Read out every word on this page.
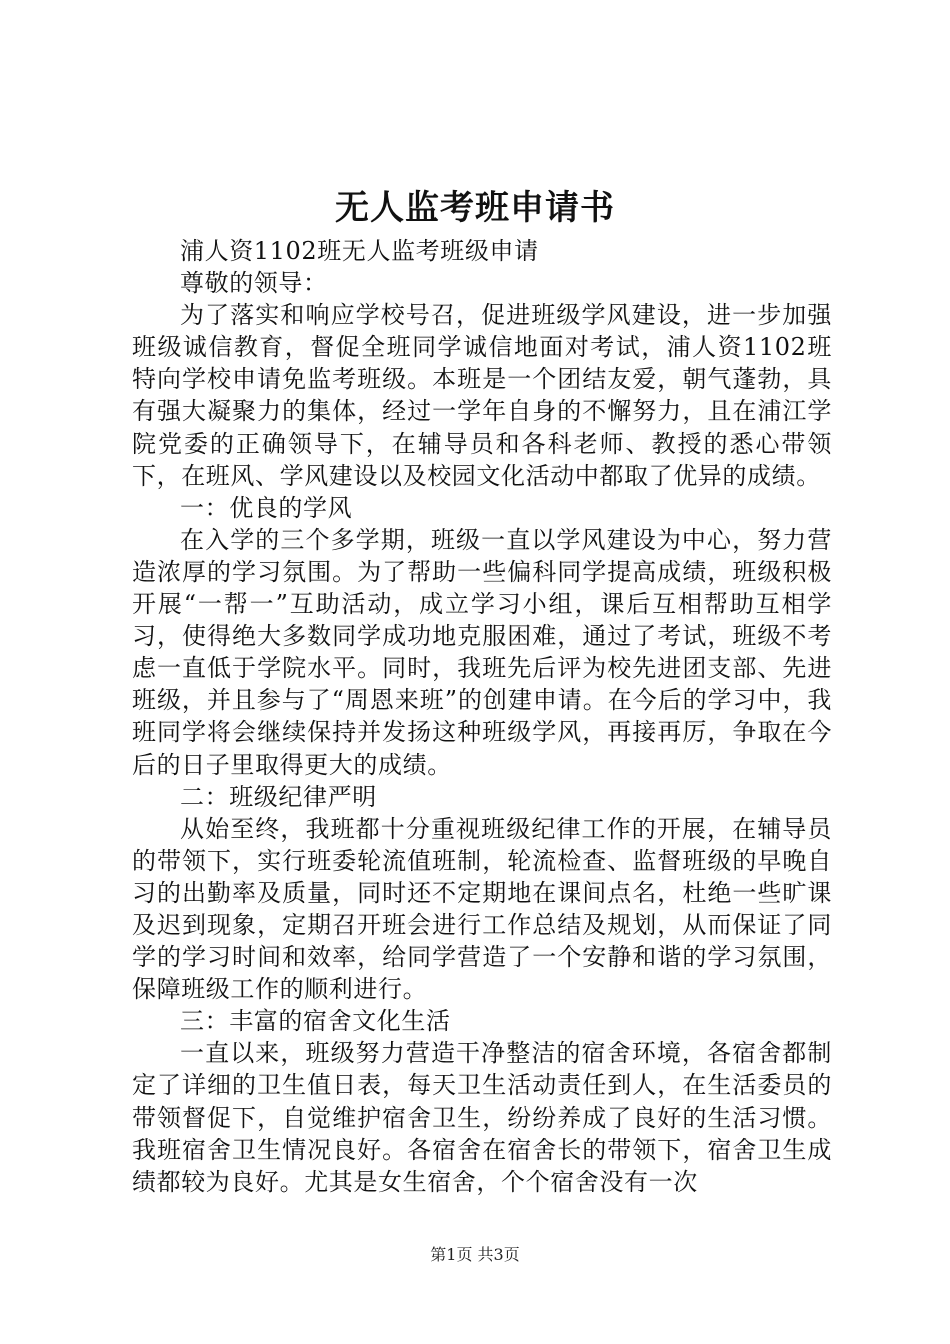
无人监考班申请书

浦人资1102班无人监考班级申请

尊敬的领导：

为了落实和响应学校号召，促进班级学风建设，进一步加强班级诚信教育，督促全班同学诚信地面对考试，浦人资1102班特向学校申请免监考班级。本班是一个团结友爱，朝气蓬勃，具有强大凝聚力的集体，经过一学年自身的不懈努力，且在浦江学院党委的正确领导下，在辅导员和各科老师、教授的悉心带领下，在班风、学风建设以及校园文化活动中都取了优异的成绩。

一：优良的学风

在入学的三个多学期，班级一直以学风建设为中心，努力营造浓厚的学习氛围。为了帮助一些偏科同学提高成绩，班级积极开展“一帮一”互助活动，成立学习小组，课后互相帮助互相学习，使得绝大多数同学成功地克服困难，通过了考试，班级不考虑一直低于学院水平。同时，我班先后评为校先进团支部、先进班级，并且参与了“周恩来班”的创建申请。在今后的学习中，我班同学将会继续保持并发扬这种班级学风，再接再厉，争取在今后的日子里取得更大的成绩。

二：班级纪律严明

从始至终，我班都十分重视班级纪律工作的开展，在辅导员的带领下，实行班委轮流值班制，轮流检查、监督班级的早晚自习的出勤率及质量，同时还不定期地在课间点名，杜绝一些旷课及迟到现象，定期召开班会进行工作总结及规划，从而保证了同学的学习时间和效率，给同学营造了一个安静和谐的学习氛围，保障班级工作的顺利进行。

三：丰富的宿舍文化生活

一直以来，班级努力营造干净整洁的宿舍环境，各宿舍都制定了详细的卫生值日表，每天卫生活动责任到人，在生活委员的带领督促下，自觉维护宿舍卫生，纷纷养成了良好的生活习惯。我班宿舍卫生情况良好。各宿舍在宿舍长的带领下，宿舍卫生成绩都较为良好。尤其是女生宿舍，个个宿舍没有一次

第1页 共3页
